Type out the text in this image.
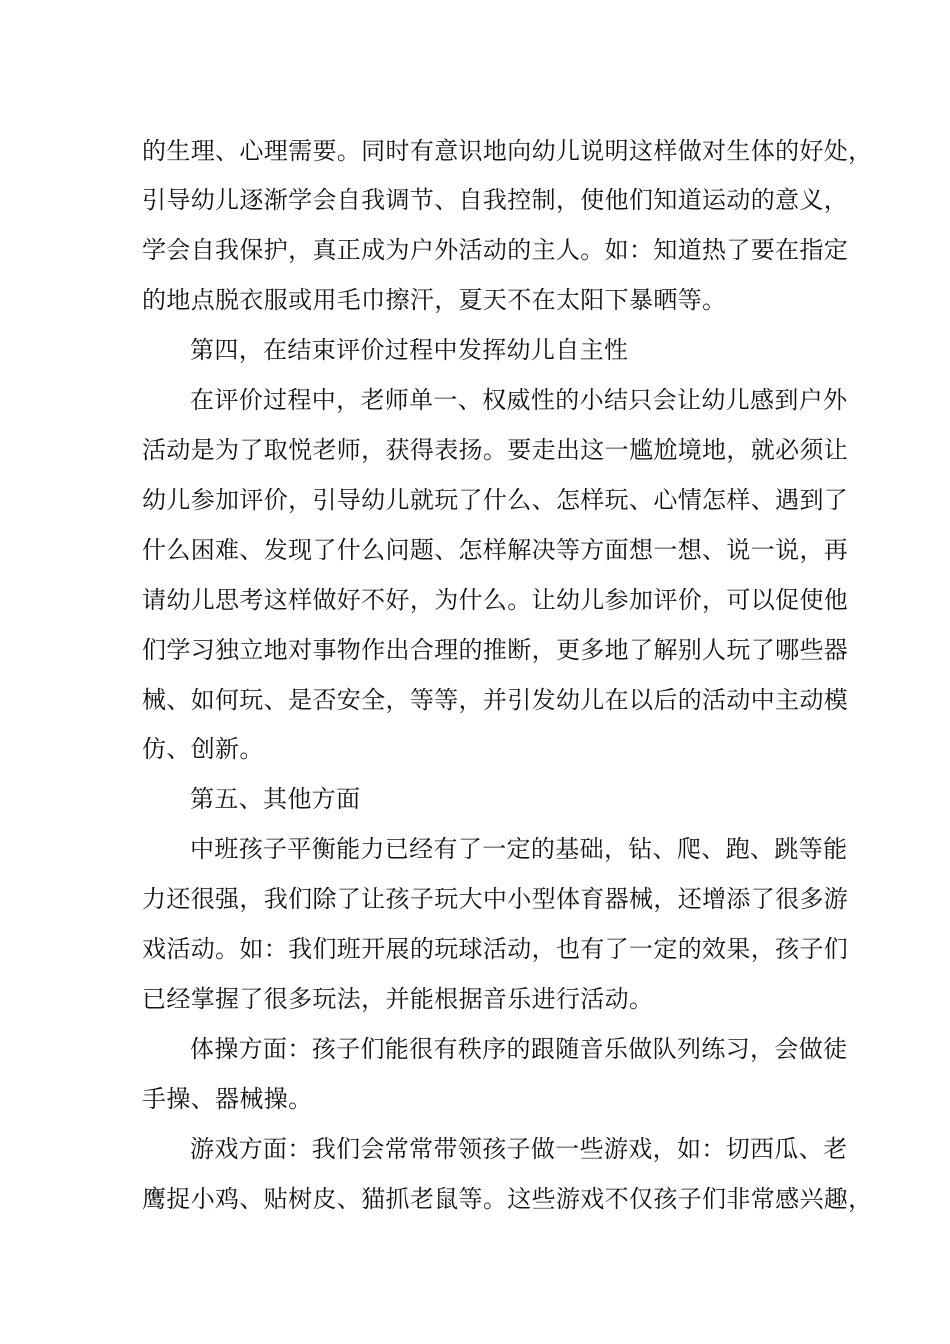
的生理、心理需要。同时有意识地向幼儿说明这样做对生体的好处，
引导幼儿逐渐学会自我调节、自我控制，使他们知道运动的意义，
学会自我保护，真正成为户外活动的主人。如：知道热了要在指定
的地点脱衣服或用毛巾擦汗，夏天不在太阳下暴晒等。
第四，在结束评价过程中发挥幼儿自主性
在评价过程中，老师单一、权威性的小结只会让幼儿感到户外
活动是为了取悦老师，获得表扬。要走出这一尴尬境地，就必须让
幼儿参加评价，引导幼儿就玩了什么、怎样玩、心情怎样、遇到了
什么困难、发现了什么问题、怎样解决等方面想一想、说一说，再
请幼儿思考这样做好不好，为什么。让幼儿参加评价，可以促使他
们学习独立地对事物作出合理的推断，更多地了解别人玩了哪些器
械、如何玩、是否安全，等等，并引发幼儿在以后的活动中主动模
仿、创新。
第五、其他方面
中班孩子平衡能力已经有了一定的基础，钻、爬、跑、跳等能
力还很强，我们除了让孩子玩大中小型体育器械，还增添了很多游
戏活动。如：我们班开展的玩球活动，也有了一定的效果，孩子们
已经掌握了很多玩法，并能根据音乐进行活动。
体操方面：孩子们能很有秩序的跟随音乐做队列练习，会做徒
手操、器械操。
游戏方面：我们会常常带领孩子做一些游戏，如：切西瓜、老
鹰捉小鸡、贴树皮、猫抓老鼠等。这些游戏不仅孩子们非常感兴趣，
